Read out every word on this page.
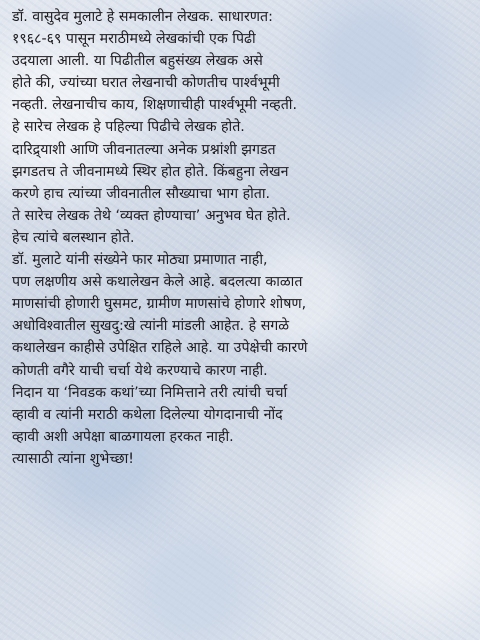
डॉ. वासुदेव मुलाटे हे समकालीन लेखक. साधारणत:
१९६८-६९ पासून मराठीमध्ये लेखकांची एक पिढी
उदयाला आली. या पिढीतील बहुसंख्य लेखक असे
होते की, ज्यांच्या घरात लेखनाची कोणतीच पार्श्वभूमी
नव्हती. लेखनाचीच काय, शिक्षणाचीही पार्श्वभूमी नव्हती.
हे सारेच लेखक हे पहिल्या पिढीचे लेखक होते.
दारिद्र्याशी आणि जीवनातल्या अनेक प्रश्नांशी झगडत
झगडतच ते जीवनामध्ये स्थिर होत होते. किंबहुना लेखन
करणे हाच त्यांच्या जीवनातील सौख्याचा भाग होता.
ते सारेच लेखक तेथे ‘व्यक्त होण्याचा’ अनुभव घेत होते.
हेच त्यांचे बलस्थान होते.

डॉ. मुलाटे यांनी संख्येने फार मोठ्या प्रमाणात नाही,
पण लक्षणीय असे कथालेखन केले आहे. बदलत्या काळात
माणसांची होणारी घुसमट, ग्रामीण माणसांचे होणारे शोषण,
अधोविश्वातील सुखदु:खे त्यांनी मांडली आहेत. हे सगळे
कथालेखन काहीसे उपेक्षित राहिले आहे. या उपेक्षेची कारणे
कोणती वगैरे याची चर्चा येथे करण्याचे कारण नाही.
निदान या ‘निवडक कथां’च्या निमित्ताने तरी त्यांची चर्चा
व्हावी व त्यांनी मराठी कथेला दिलेल्या योगदानाची नोंद
व्हावी अशी अपेक्षा बाळगायला हरकत नाही.
त्यासाठी त्यांना शुभेच्छा!
